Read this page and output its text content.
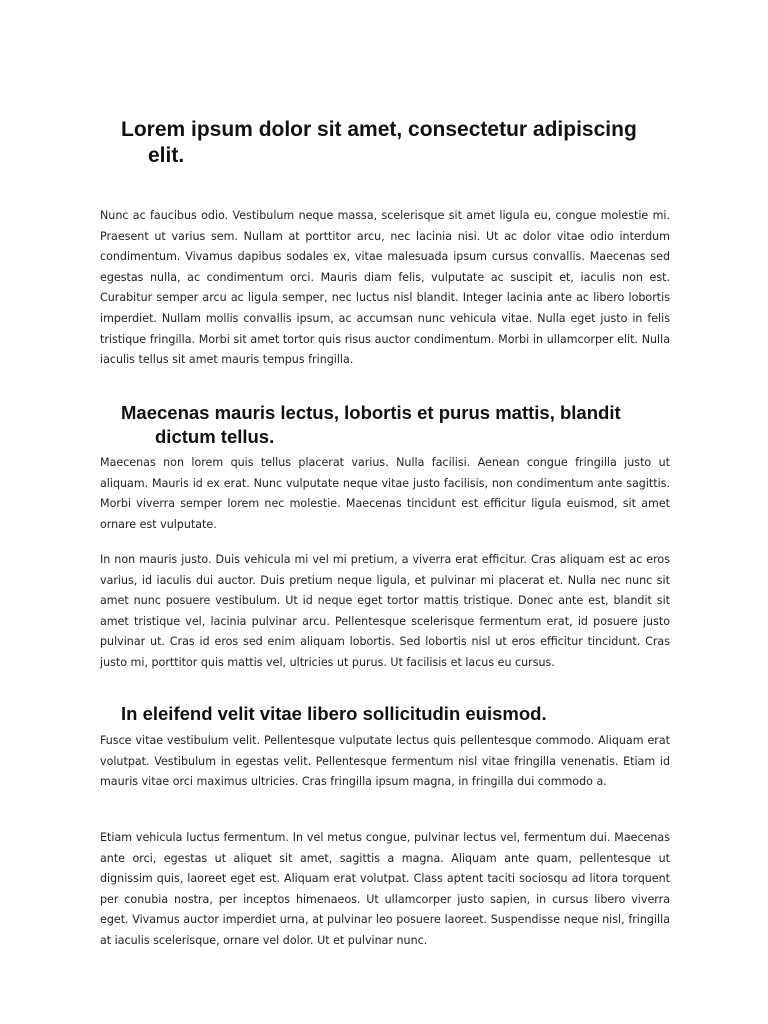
Lorem ipsum dolor sit amet, consectetur adipiscing
elit.

Nunc ac faucibus odio. Vestibulum neque massa, scelerisque sit amet ligula eu, congue molestie mi. Praesent ut varius sem. Nullam at porttitor arcu, nec lacinia nisi. Ut ac dolor vitae odio interdum condimentum. Vivamus dapibus sodales ex, vitae malesuada ipsum cursus convallis. Maecenas sed egestas nulla, ac condimentum orci. Mauris diam felis, vulputate ac suscipit et, iaculis non est. Curabitur semper arcu ac ligula semper, nec luctus nisl blandit. Integer lacinia ante ac libero lobortis imperdiet. Nullam mollis convallis ipsum, ac accumsan nunc vehicula vitae. Nulla eget justo in felis tristique fringilla. Morbi sit amet tortor quis risus auctor condimentum. Morbi in ullamcorper elit. Nulla iaculis tellus sit amet mauris tempus fringilla.

Maecenas mauris lectus, lobortis et purus mattis, blandit
dictum tellus.

Maecenas non lorem quis tellus placerat varius. Nulla facilisi. Aenean congue fringilla justo ut aliquam. Mauris id ex erat. Nunc vulputate neque vitae justo facilisis, non condimentum ante sagittis. Morbi viverra semper lorem nec molestie. Maecenas tincidunt est efficitur ligula euismod, sit amet ornare est vulputate.

In non mauris justo. Duis vehicula mi vel mi pretium, a viverra erat efficitur. Cras aliquam est ac eros varius, id iaculis dui auctor. Duis pretium neque ligula, et pulvinar mi placerat et. Nulla nec nunc sit amet nunc posuere vestibulum. Ut id neque eget tortor mattis tristique. Donec ante est, blandit sit amet tristique vel, lacinia pulvinar arcu. Pellentesque scelerisque fermentum erat, id posuere justo pulvinar ut. Cras id eros sed enim aliquam lobortis. Sed lobortis nisl ut eros efficitur tincidunt. Cras justo mi, porttitor quis mattis vel, ultricies ut purus. Ut facilisis et lacus eu cursus.

In eleifend velit vitae libero sollicitudin euismod.

Fusce vitae vestibulum velit. Pellentesque vulputate lectus quis pellentesque commodo. Aliquam erat volutpat. Vestibulum in egestas velit. Pellentesque fermentum nisl vitae fringilla venenatis. Etiam id mauris vitae orci maximus ultricies. Cras fringilla ipsum magna, in fringilla dui commodo a.

Etiam vehicula luctus fermentum. In vel metus congue, pulvinar lectus vel, fermentum dui. Maecenas ante orci, egestas ut aliquet sit amet, sagittis a magna. Aliquam ante quam, pellentesque ut dignissim quis, laoreet eget est. Aliquam erat volutpat. Class aptent taciti sociosqu ad litora torquent per conubia nostra, per inceptos himenaeos. Ut ullamcorper justo sapien, in cursus libero viverra eget. Vivamus auctor imperdiet urna, at pulvinar leo posuere laoreet. Suspendisse neque nisl, fringilla at iaculis scelerisque, ornare vel dolor. Ut et pulvinar nunc.
